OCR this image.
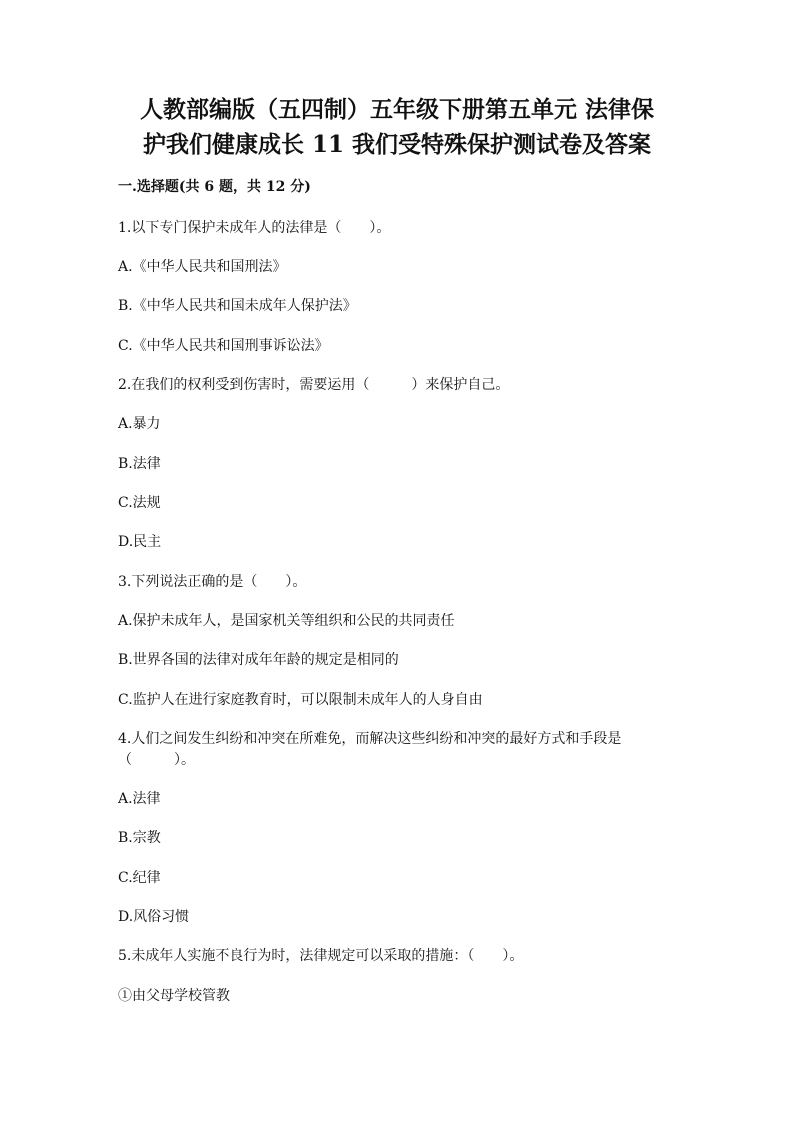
人教部编版（五四制）五年级下册第五单元 法律保
护我们健康成长 11 我们受特殊保护测试卷及答案
一.选择题(共 6 题，共 12 分)
1.以下专门保护未成年人的法律是（　　）。
A.《中华人民共和国刑法》
B.《中华人民共和国未成年人保护法》
C.《中华人民共和国刑事诉讼法》
2.在我们的权利受到伤害时，需要运用（　　　）来保护自己。
A.暴力
B.法律
C.法规
D.民主
3.下列说法正确的是（　　）。
A.保护未成年人，是国家机关等组织和公民的共同责任
B.世界各国的法律对成年年龄的规定是相同的
C.监护人在进行家庭教育时，可以限制未成年人的人身自由
4.人们之间发生纠纷和冲突在所难免，而解决这些纠纷和冲突的最好方式和手段是（　　　）。
A.法律
B.宗教
C.纪律
D.风俗习惯
5.未成年人实施不良行为时，法律规定可以采取的措施：（　　）。
①由父母学校管教
